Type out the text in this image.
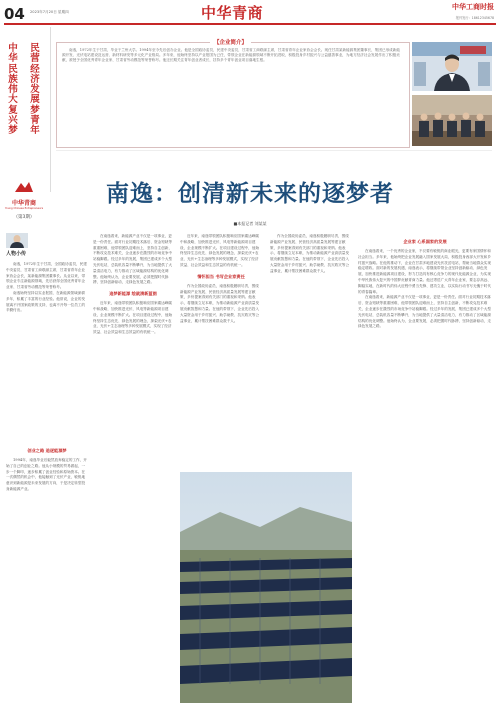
04 2023年7月20日 星期四	中华青商	中华工商时报
报刊发行：18612345678
中
华
民
族
伟
大
复
兴
梦
民
营
经
济
发
展
梦
青
年
中华青商
Young Chinese Entrepreneurs
（第3期）
【企业简介】

南逸，1972年生于甘肃，毕业于兰州大学。1994年至今先后创办企业。他是全国政协委员，民建中央委员，甘肃省工商联副主席，甘肃省青年企业家协会会长。现任甘肃某新能源集团董事长，集团已形成新能源开发、光伏电站建设及运营、新材料研发等多元化产业格局。多年来，他始终坚持以产业报国为己任，带领企业在新能源领域不断开拓进取，积极投身乡村振兴与公益慈善事业，为地方经济社会发展作出了积极贡献，被授予全国优秀青年企业家、甘肃省劳动模范等荣誉称号。他还长期关注青年创业者成长，扶持多个青年创业项目落地生根。

南逸：创清新未来的逐梦者
■本报记者 刘某某
人物小传

南逸，1972年生于甘肃，全国政协委员，民建中央委员，甘肃省工商联副主席，甘肃省青年企业家协会会长，某新能源集团董事长。从业以来，带领企业专注新能源领域，先后获得全国优秀青年企业家、甘肃省劳动模范等荣誉称号。

南逸始终坚持以实业报国，在新能源领域深耕多年，积累了丰富的行业经验。他常说，企业的发展离不开国家政策的支持，也离不开每一位员工的辛勤付出。

创业之路 追逐能源梦

1994年，南逸毕业后毅然放弃稳定的工作，开始了自己的创业之路。他从小规模的贸易做起，一步一个脚印，逐步积累了创业经验和原始资本。在一次偶然的机会中，他接触到了光伏产业，敏锐地意识到新能源是未来发展的方向，于是决定转型投身新能源产业。

在南逸看来，新能源产业不仅是一项事业，更是一份责任。面对行业初期技术落后、资金短缺等重重困难，他带领团队迎难而上，坚持自主创新，不断攻克技术难关，企业逐步在激烈的市场竞争中站稳脚跟。经过多年的发展，集团已建成多个大型光伏电站，总装机容量不断攀升，为当地提供了大量清洁电力，有力推动了区域能源结构的优化调整。他始终认为，企业要发展，必须把握时代脉搏，坚持创新驱动，走绿色发展之路。

追梦新能源 绘就清新蓝图

近年来，南逸带领团队积极响应国家碳达峰碳中和战略，加快推进光伏、风电等新能源项目建设，企业规模不断扩大。在项目建设过程中，他始终坚持生态优先、绿色发展的理念，探索光伏+农业、光伏+生态治理等多种发展模式，实现了经济效益、社会效益和生态效益的有机统一。

近年来，南逸带领团队积极响应国家碳达峰碳中和战略，加快推进光伏、风电等新能源项目建设，企业规模不断扩大。在项目建设过程中，他始终坚持生态优先、绿色发展的理念，探索光伏+农业、光伏+生态治理等多种发展模式，实现了经济效益、社会效益和生态效益的有机统一。

情怀担当 书写企业家责任

作为全国政协委员，南逸积极履职尽责，围绕新能源产业发展、民营经济高质量发展等建言献策，多份提案得到有关部门的重视和采纳。他表示，将继续立足本职，为推动新能源产业高质量发展贡献智慧和力量。在他的带领下，企业先后投入大量资金用于乡村振兴、助学助教、抗灾救灾等公益事业，累计帮扶困难群众数千人。

作为全国政协委员，南逸积极履职尽责，围绕新能源产业发展、民营经济高质量发展等建言献策，多份提案得到有关部门的重视和采纳。他表示，将继续立足本职，为推动新能源产业高质量发展贡献智慧和力量。在他的带领下，企业先后投入大量资金用于乡村振兴、助学助教、抗灾救灾等公益事业，累计帮扶困难群众数千人。

企业家 心系国家的发展

在南逸看来，一个优秀的企业家，不仅要有敏锐的商业眼光，更要有家国情怀和社会担当。多年来，他始终把企业发展融入国家发展大局，积极投身西部大开发和乡村振兴战略。在他的推动下，企业在甘肃多地建设光伏扶贫电站，帮助当地群众实现稳定增收。面对新的发展机遇，南逸表示，将继续带领企业坚持创新驱动、绿色发展，加快推进新能源项目建设，努力打造具有核心竞争力的现代化能源企业，为实现中华民族伟大复兴的中国梦贡献青商力量。他还寄语广大青年企业家，要志存高远、脚踏实地，在新时代的伟大征程中勇当先锋、建功立业，以实际行动书写无愧于时代的青春篇章。

在南逸看来，新能源产业不仅是一项事业，更是一份责任。面对行业初期技术落后、资金短缺等重重困难，他带领团队迎难而上，坚持自主创新，不断攻克技术难关，企业逐步在激烈的市场竞争中站稳脚跟。经过多年的发展，集团已建成多个大型光伏电站，总装机容量不断攀升，为当地提供了大量清洁电力，有力推动了区域能源结构的优化调整。他始终认为，企业要发展，必须把握时代脉搏，坚持创新驱动，走绿色发展之路。
